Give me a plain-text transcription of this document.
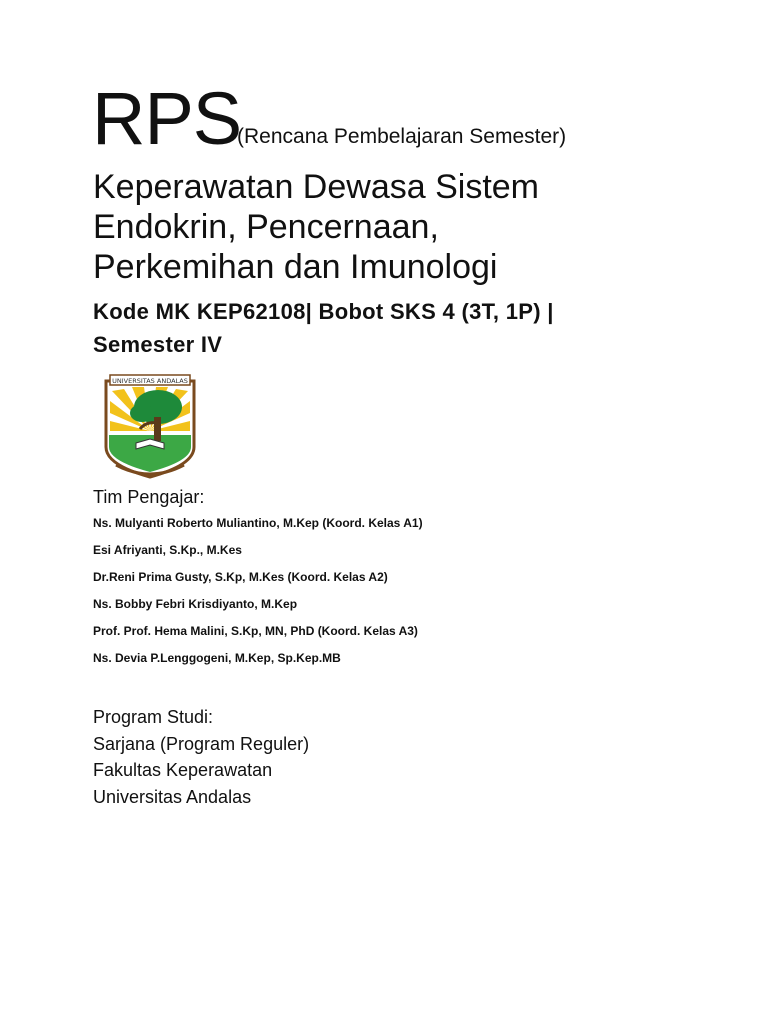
RPS
(Rencana Pembelajaran Semester)
Keperawatan Dewasa Sistem
Endokrin, Pencernaan,
Perkemihan dan Imunologi
Kode MK KEP62108| Bobot SKS 4 (3T, 1P) |
Semester IV
UNIVERSITAS ANDALAS
Tim Pengajar:
Ns. Mulyanti Roberto Muliantino, M.Kep (Koord. Kelas A1)
Esi Afriyanti, S.Kp., M.Kes
Dr.Reni Prima Gusty, S.Kp, M.Kes (Koord. Kelas A2)
Ns. Bobby Febri Krisdiyanto, M.Kep
Prof. Prof. Hema Malini, S.Kp, MN, PhD (Koord. Kelas A3)
Ns. Devia P.Lenggogeni, M.Kep, Sp.Kep.MB
Program Studi:
Sarjana (Program Reguler)
Fakultas Keperawatan
Universitas Andalas
